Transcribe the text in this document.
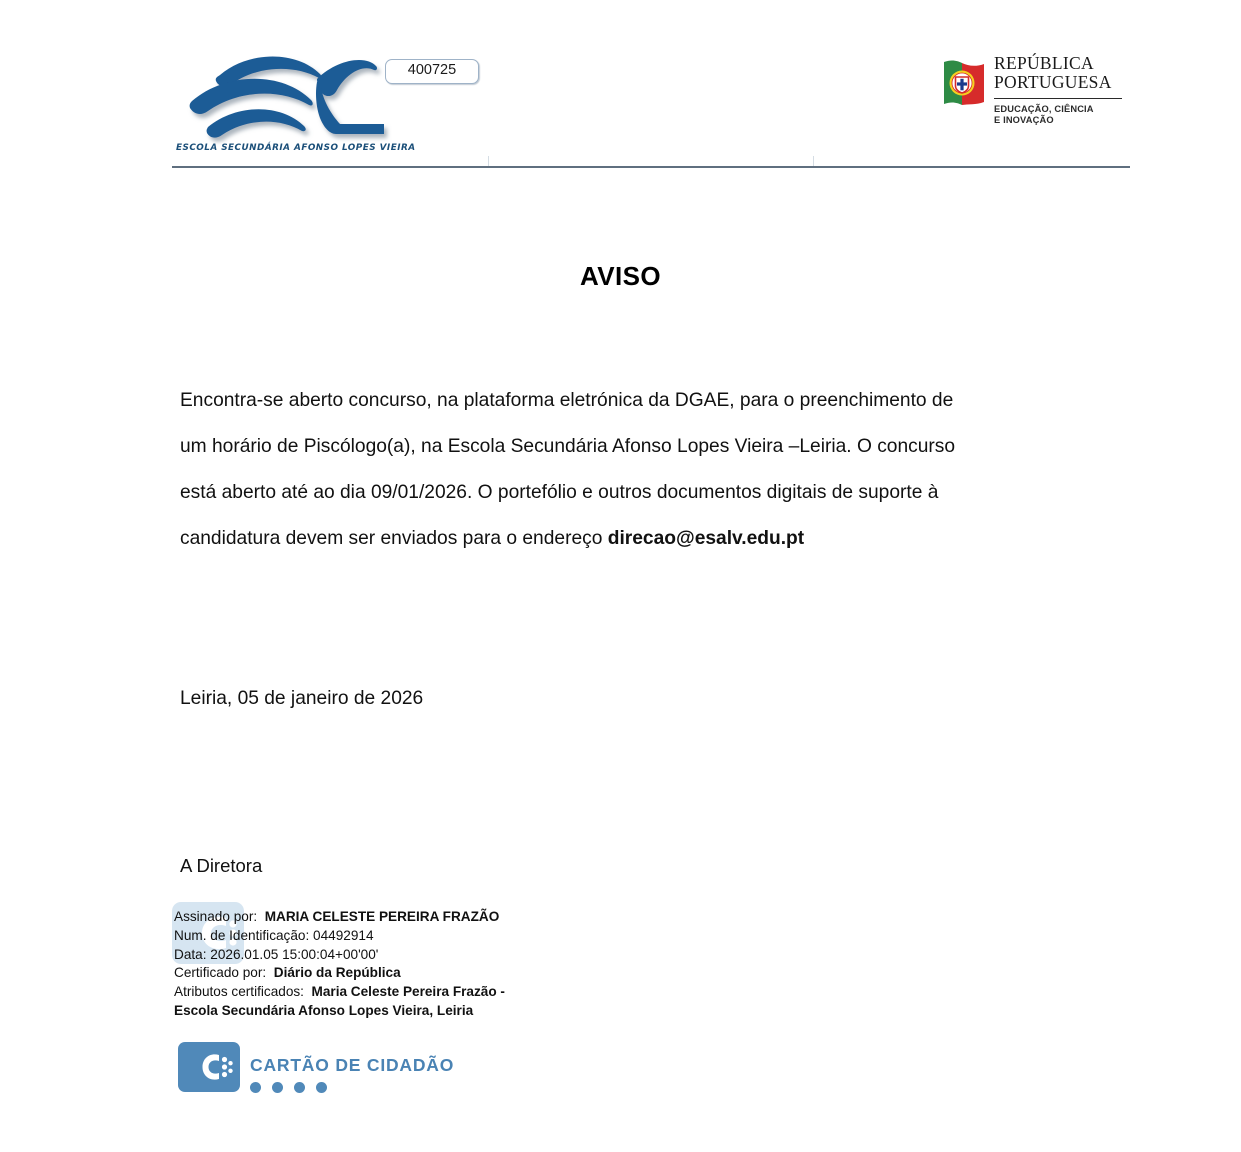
ESCOLA SECUNDÁRIA AFONSO LOPES VIEIRA
400725	REPÚBLICA
PORTUGUESA
EDUCAÇÃO, CIÊNCIA
E INOVAÇÃO
AVISO
Encontra-se aberto concurso, na plataforma eletrónica da DGAE, para o preenchimento de
um horário de Piscólogo(a), na Escola Secundária Afonso Lopes Vieira –Leiria. O concurso
está aberto até ao dia 09/01/2026. O portefólio e outros documentos digitais de suporte à
candidatura devem ser enviados para o endereço direcao@esalv.edu.pt
Leiria, 05 de janeiro de 2026
A Diretora
Assinado por: MARIA CELESTE PEREIRA FRAZÃO
Num. de Identificação: 04492914
Data: 2026.01.05 15:00:04+00'00'
Certificado por: Diário da República
Atributos certificados: Maria Celeste Pereira Frazão -
Escola Secundária Afonso Lopes Vieira, Leiria
CARTÃO DE CIDADÃO
